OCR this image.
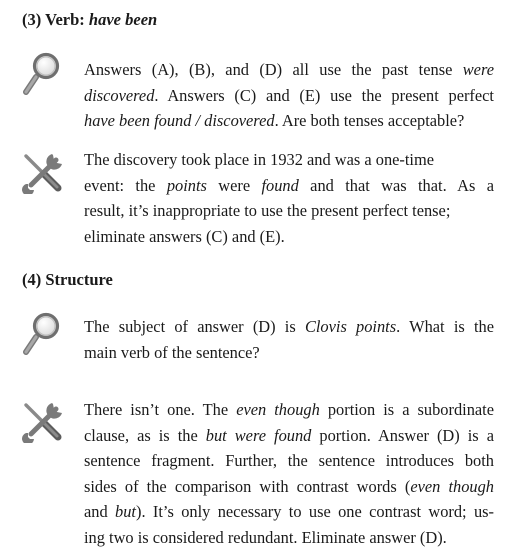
(3) Verb: have been
Answers (A), (B), and (D) all use the past tense were
discovered. Answers (C) and (E) use the present perfect
have been found / discovered. Are both tenses acceptable?
The discovery took place in 1932 and was a one-time
event: the points were found and that was that. As a
result, it’s inappropriate to use the present perfect tense;
eliminate answers (C) and (E).
(4) Structure
The subject of answer (D) is Clovis points. What is the
main verb of the sentence?
There isn’t one. The even though portion is a subordinate
clause, as is the but were found portion. Answer (D) is a
sentence fragment. Further, the sentence introduces both
sides of the comparison with contrast words (even though
and but). It’s only necessary to use one contrast word; us-
ing two is considered redundant. Eliminate answer (D).
